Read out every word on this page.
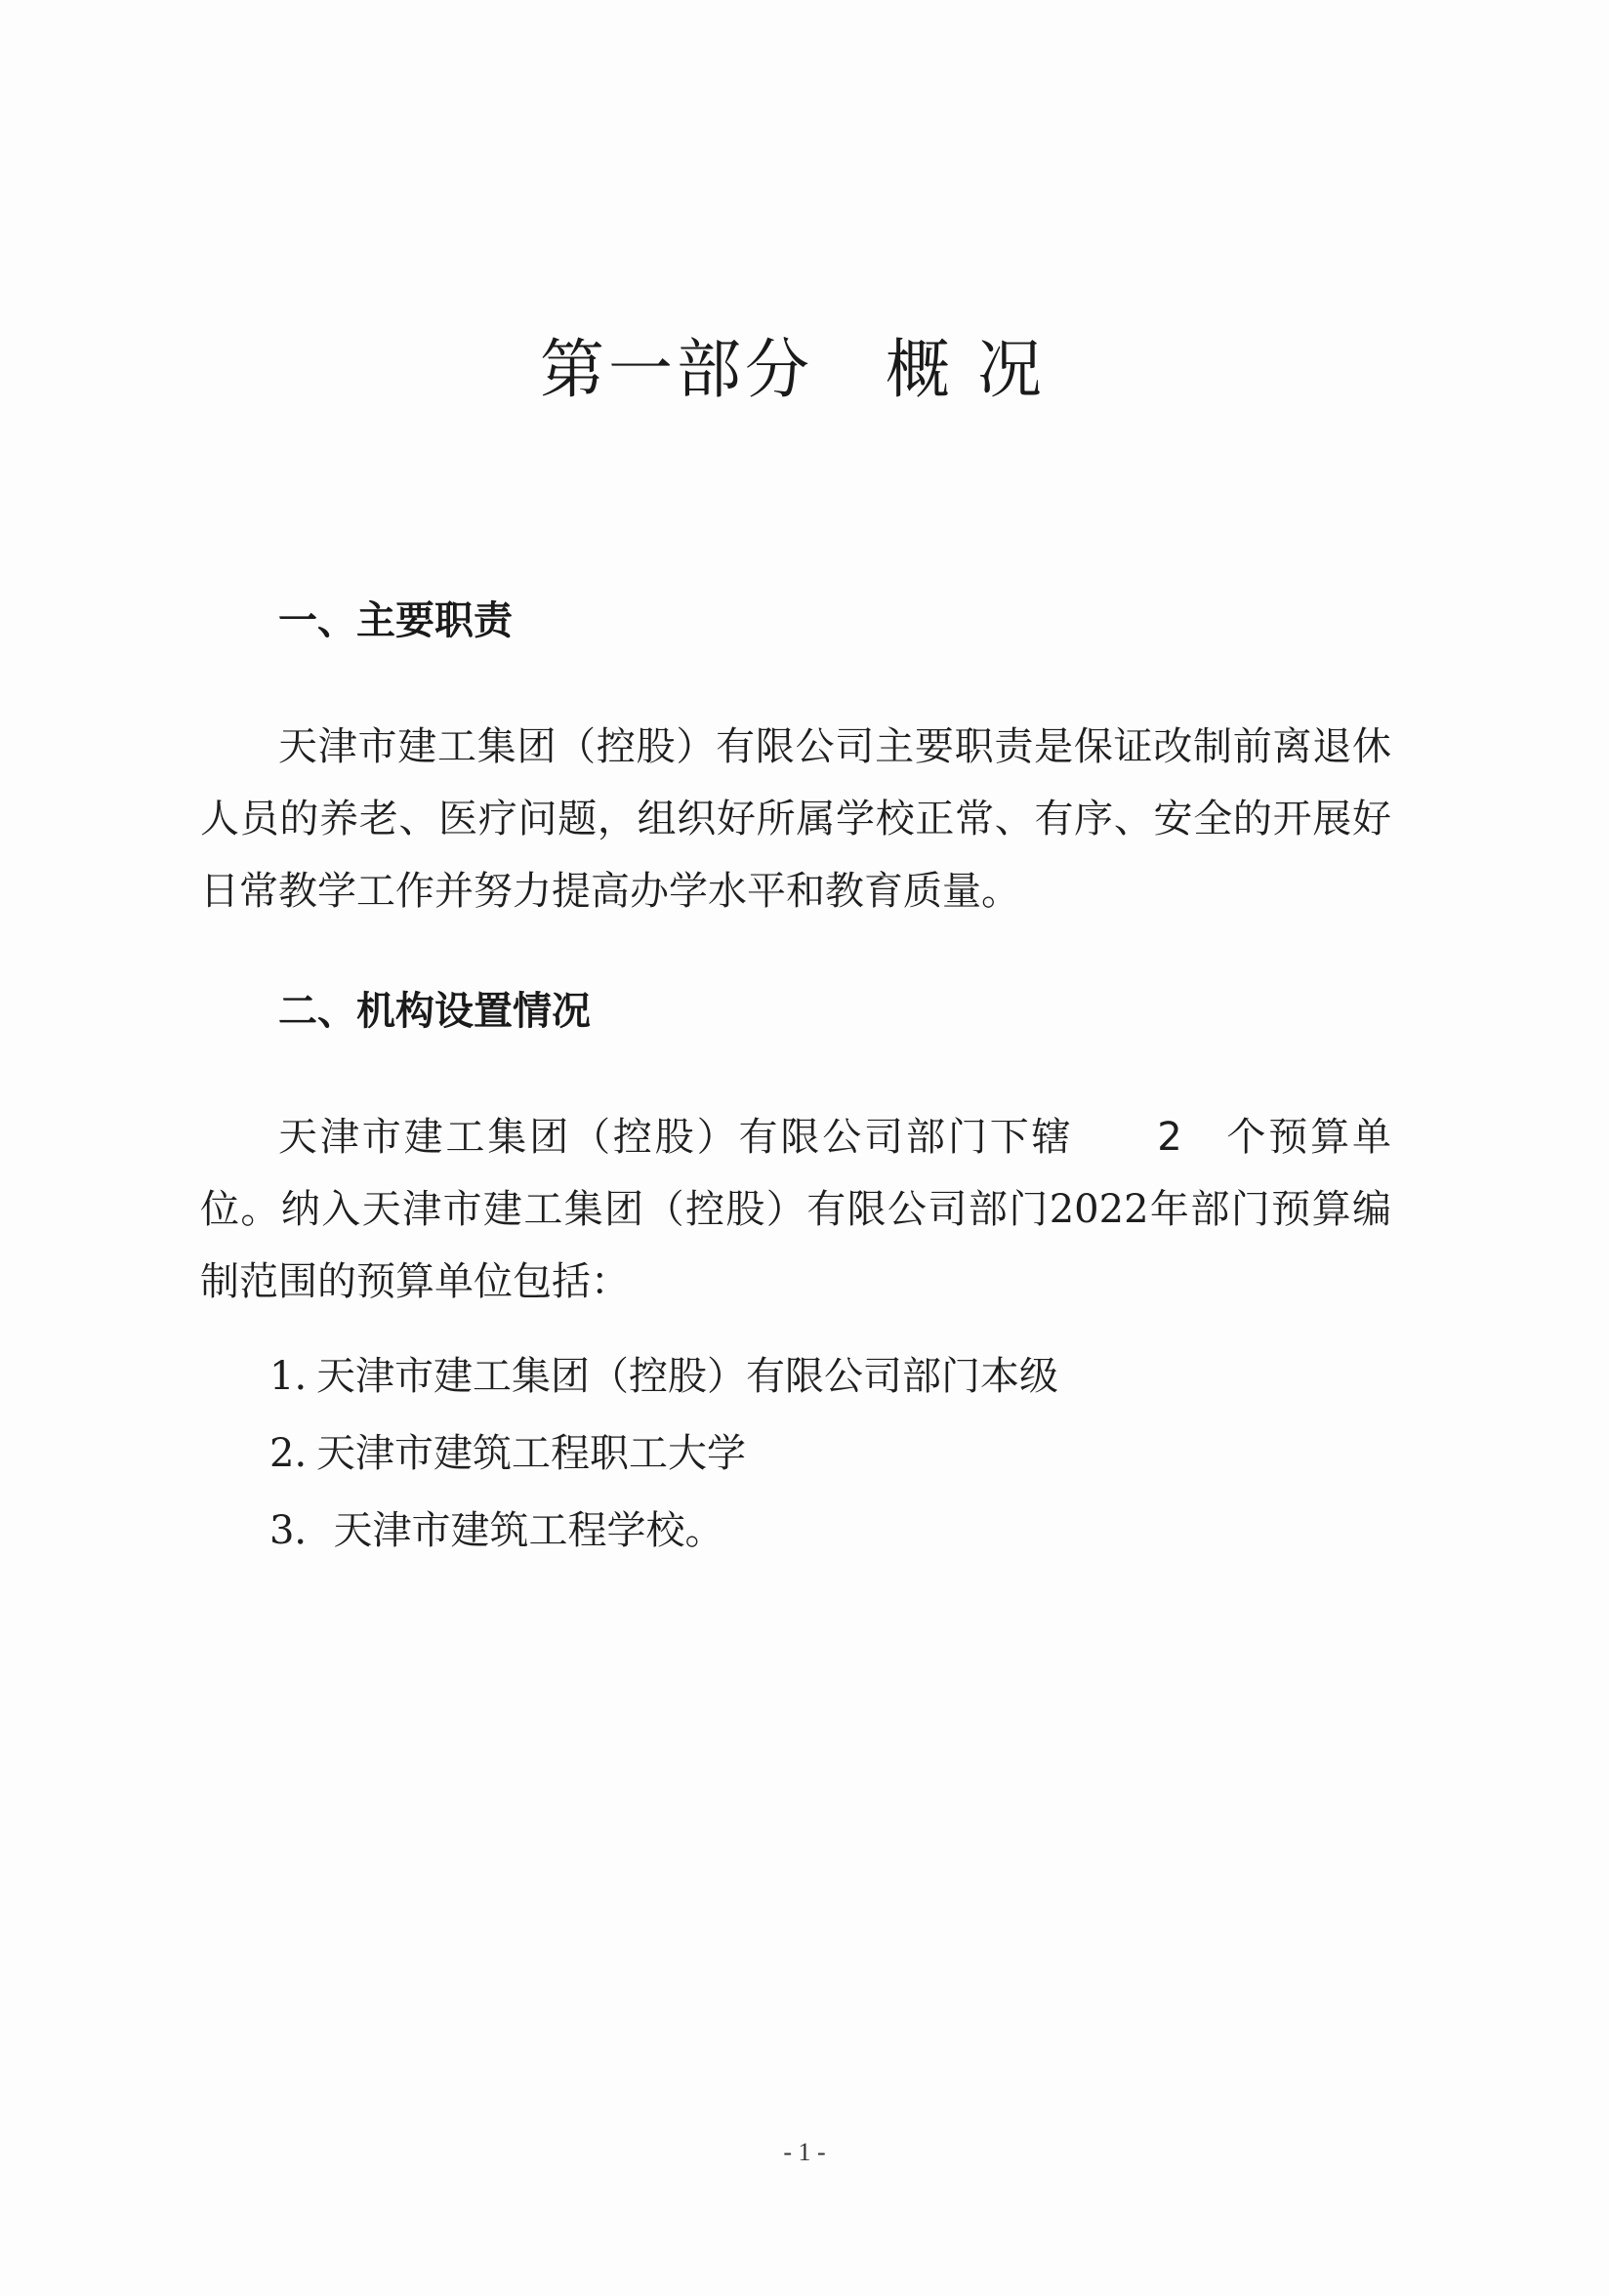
第一部分 概况
一、主要职责
天津市建工集团（控股）有限公司主要职责是保证改制前离退休人员的养老、医疗问题，组织好所属学校正常、有序、安全的开展好日常教学工作并努力提高办学水平和教育质量。
二、机构设置情况
天津市建工集团（控股）有限公司部门下辖　　2　个预算单位。纳入天津市建工集团（控股）有限公司部门2022年部门预算编制范围的预算单位包括：
1. 天津市建工集团（控股）有限公司部门本级
2. 天津市建筑工程职工大学
3．天津市建筑工程学校。
- 1 -
